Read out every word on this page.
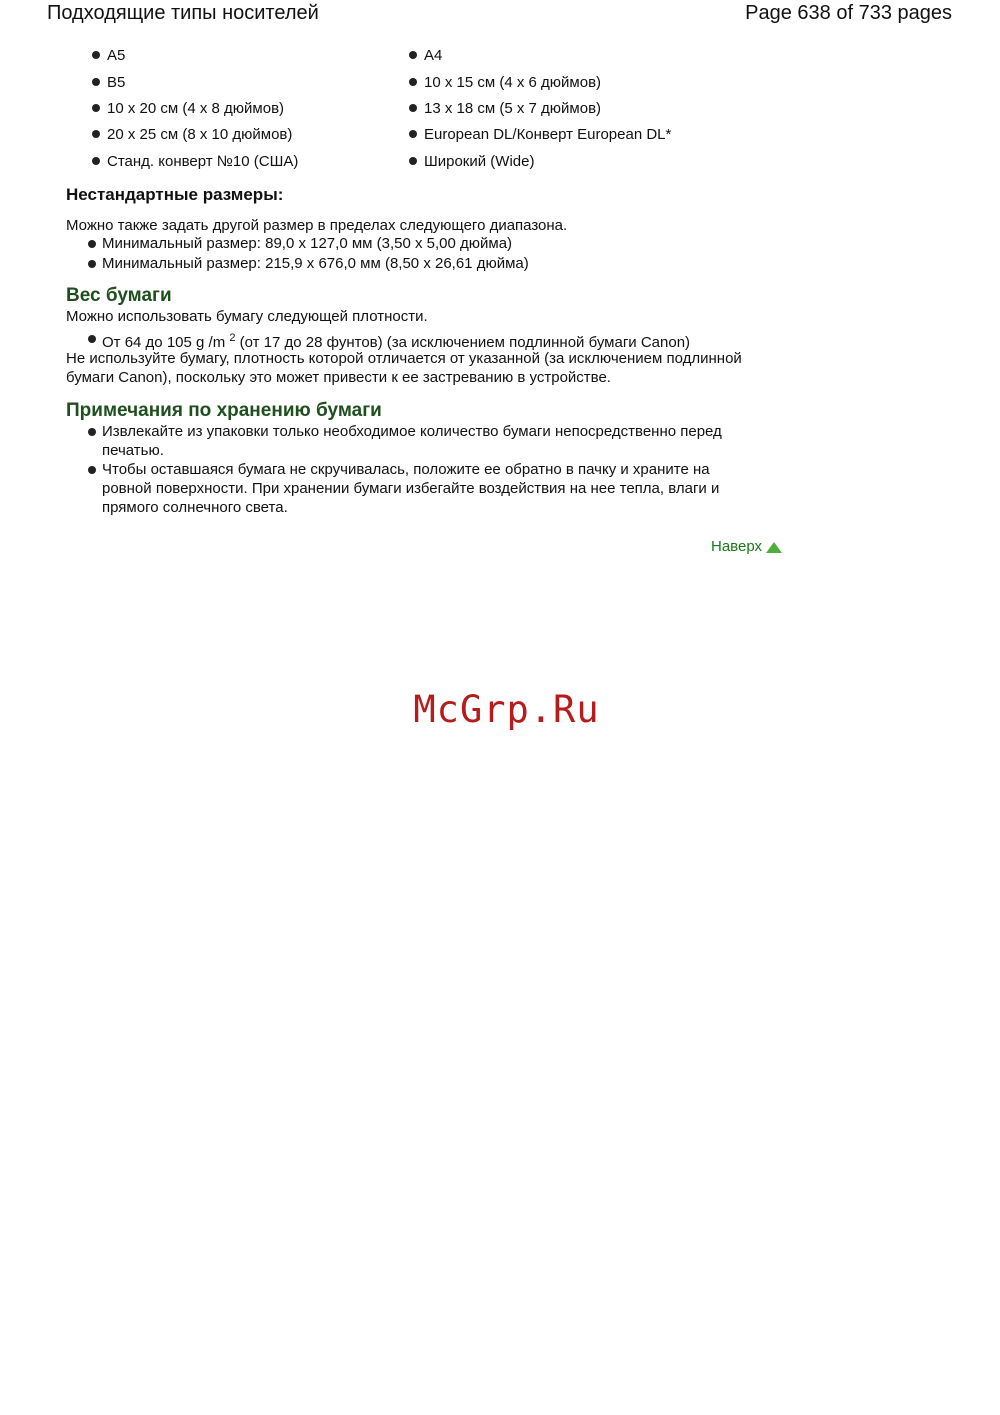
Подходящие типы носителей	Page 638 of 733 pages
A5
B5
10 x 20 см (4 x 8 дюймов)
20 x 25 см (8 x 10 дюймов)
Станд. конверт №10 (США)
A4
10 x 15 см (4 x 6 дюймов)
13 x 18 см (5 x 7 дюймов)
European DL/Конверт European DL*
Широкий (Wide)
Нестандартные размеры:
Можно также задать другой размер в пределах следующего диапазона.
Минимальный размер: 89,0 x 127,0 мм (3,50 x 5,00 дюйма)
Минимальный размер: 215,9 x 676,0 мм (8,50 x 26,61 дюйма)
Вес бумаги
Можно использовать бумагу следующей плотности.
От 64 до 105 g /m $^2$ (от 17 до 28 фунтов) (за исключением подлинной бумаги Canon)
Не используйте бумагу, плотность которой отличается от указанной (за исключением подлинной бумаги Canon), поскольку это может привести к ее застреванию в устройстве.
Примечания по хранению бумаги
Извлекайте из упаковки только необходимое количество бумаги непосредственно перед печатью.
Чтобы оставшаяся бумага не скручивалась, положите ее обратно в пачку и храните на ровной поверхности. При хранении бумаги избегайте воздействия на нее тепла, влаги и прямого солнечного света.
Наверх
McGrp.Ru
